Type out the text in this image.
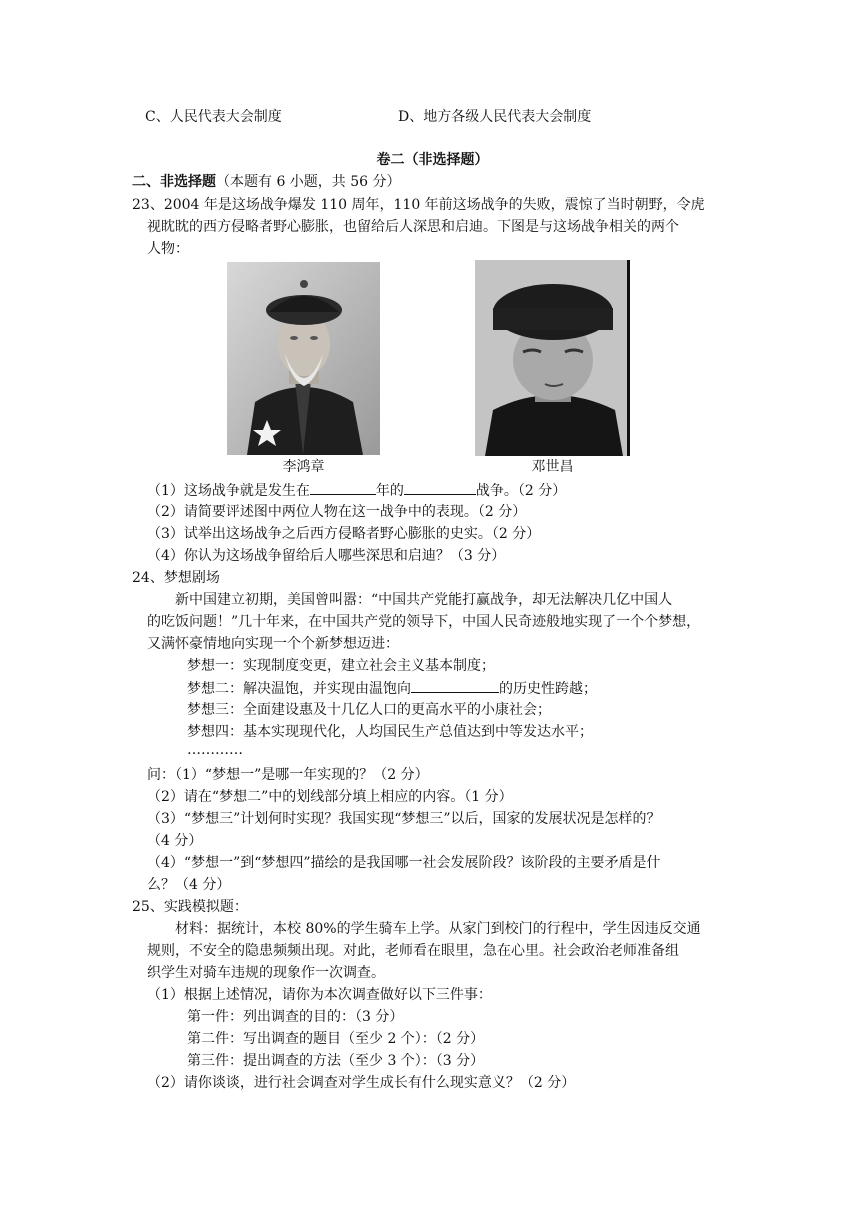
C、人民代表大会制度	D、地方各级人民代表大会制度
卷二（非选择题）
二、非选择题（本题有 6 小题，共 56 分）
23、2004 年是这场战争爆发 110 周年，110 年前这场战争的失败，震惊了当时朝野，令虎
视眈眈的西方侵略者野心膨胀，也留给后人深思和启迪。下图是与这场战争相关的两个
人物：
李鸿章	邓世昌
（1）这场战争就是发生在	年的	战争。（2 分）
（2）请简要评述图中两位人物在这一战争中的表现。（2 分）
（3）试举出这场战争之后西方侵略者野心膨胀的史实。（2 分）
（4）你认为这场战争留给后人哪些深思和启迪？（3 分）
24、梦想剧场
新中国建立初期，美国曾叫嚣：“中国共产党能打赢战争，却无法解决几亿中国人
的吃饭问题！”几十年来，在中国共产党的领导下，中国人民奇迹般地实现了一个个梦想，
又满怀豪情地向实现一个个新梦想迈进：
梦想一：实现制度变更，建立社会主义基本制度；
梦想二：解决温饱，并实现由温饱向	的历史性跨越；
梦想三：全面建设惠及十几亿人口的更高水平的小康社会；
梦想四：基本实现现代化，人均国民生产总值达到中等发达水平；
…………
问：（1）“梦想一”是哪一年实现的？（2 分）
（2）请在“梦想二”中的划线部分填上相应的内容。（1 分）
（3）“梦想三”计划何时实现？我国实现“梦想三”以后，国家的发展状况是怎样的？
（4 分）
（4）“梦想一”到“梦想四”描绘的是我国哪一社会发展阶段？该阶段的主要矛盾是什
么？（4 分）
25、实践模拟题：
材料：据统计，本校 80%的学生骑车上学。从家门到校门的行程中，学生因违反交通
规则，不安全的隐患频频出现。对此，老师看在眼里，急在心里。社会政治老师准备组
织学生对骑车违规的现象作一次调查。
（1）根据上述情况，请你为本次调查做好以下三件事：
第一件：列出调查的目的：（3 分）
第二件：写出调查的题目（至少 2 个）：（2 分）
第三件：提出调查的方法（至少 3 个）：（3 分）
（2）请你谈谈，进行社会调查对学生成长有什么现实意义？（2 分）
